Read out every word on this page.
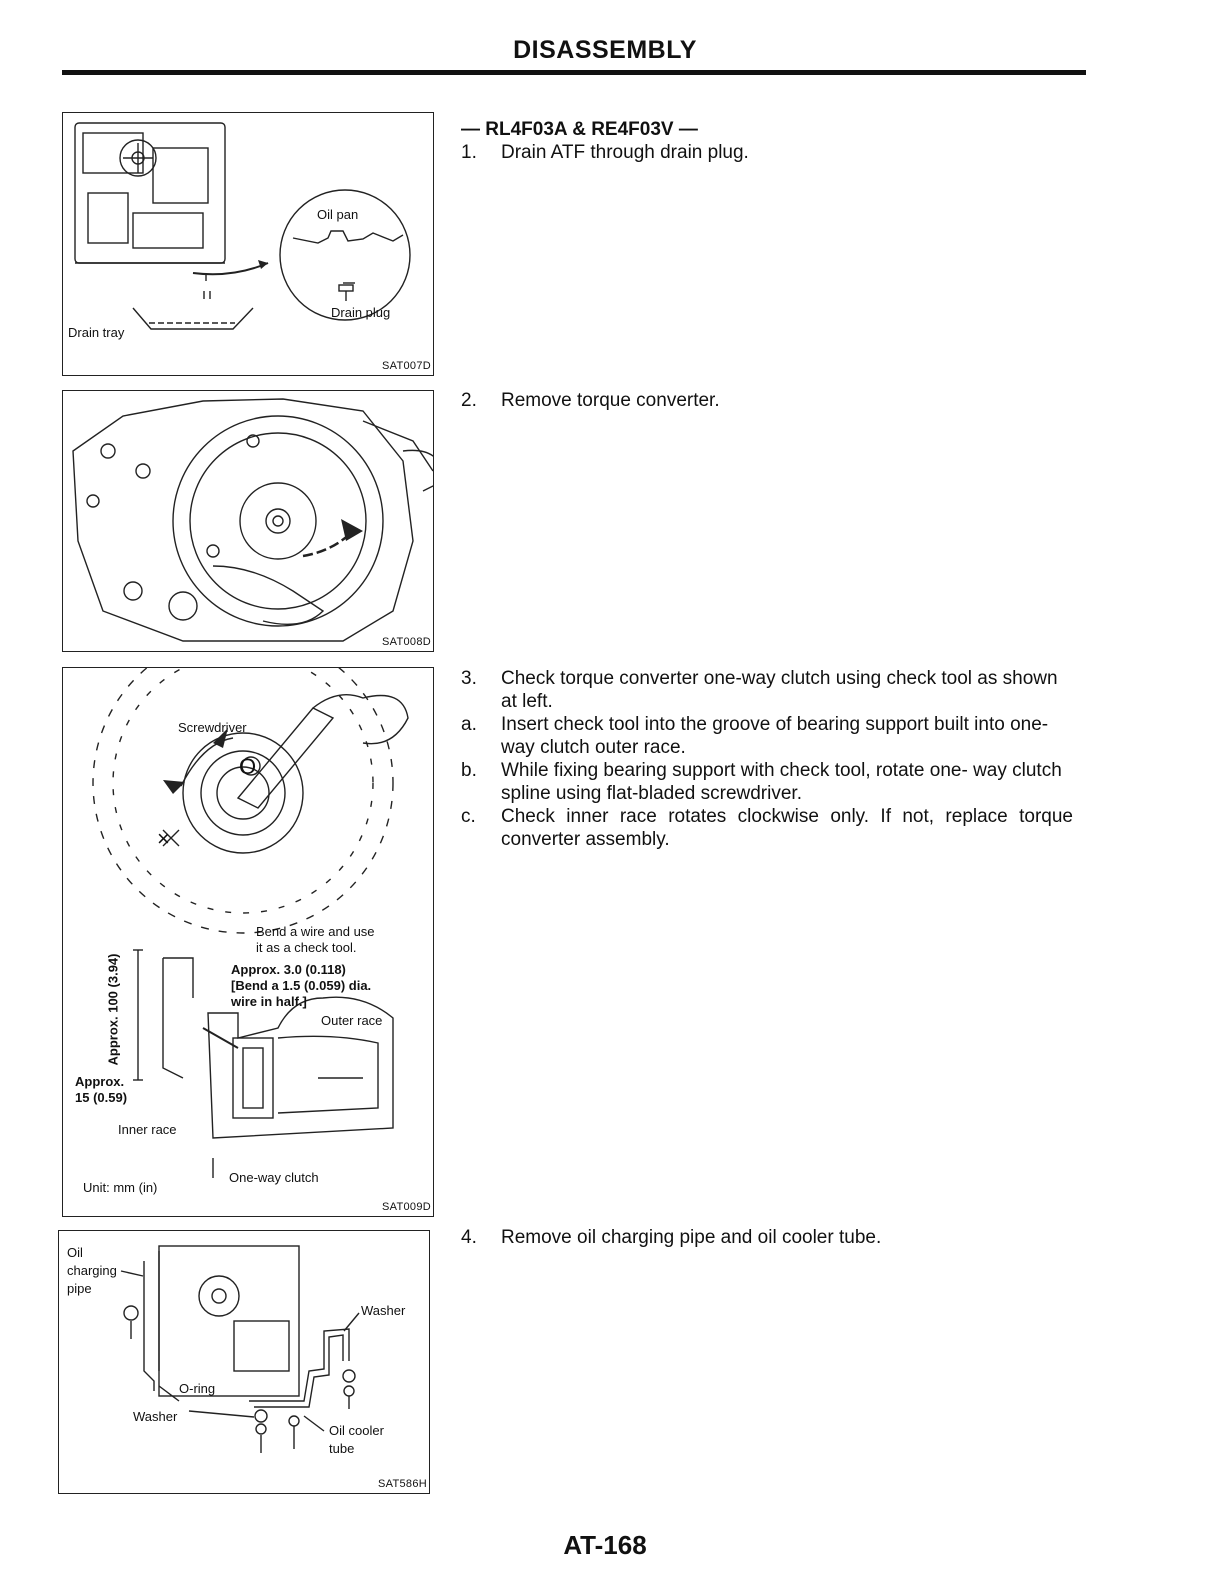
DISASSEMBLY
Oil pan
Drain plug
Drain tray
SAT007D
SAT008D
Screwdriver
O
×
Bend a wire and use
it as a check tool.
Approx. 3.0 (0.118)
[Bend a 1.5 (0.059) dia.
wire in half.]
Outer race
Approx. 100 (3.94)
Approx.
15 (0.59)
Inner race
One-way clutch
Unit: mm (in)
SAT009D
Oil
charging
pipe
Washer
O-ring
Washer
Oil cooler
tube
SAT586H
— RL4F03A & RE4F03V —
1. Drain ATF through drain plug.
2. Remove torque converter.
3. Check torque converter one-way clutch using check tool as shown at left.
a. Insert check tool into the groove of bearing support built into one-way clutch outer race.
b. While fixing bearing support with check tool, rotate one- way clutch spline using flat-bladed screwdriver.
c. Check inner race rotates clockwise only. If not, replace torque converter assembly.
4. Remove oil charging pipe and oil cooler tube.
AT-168
